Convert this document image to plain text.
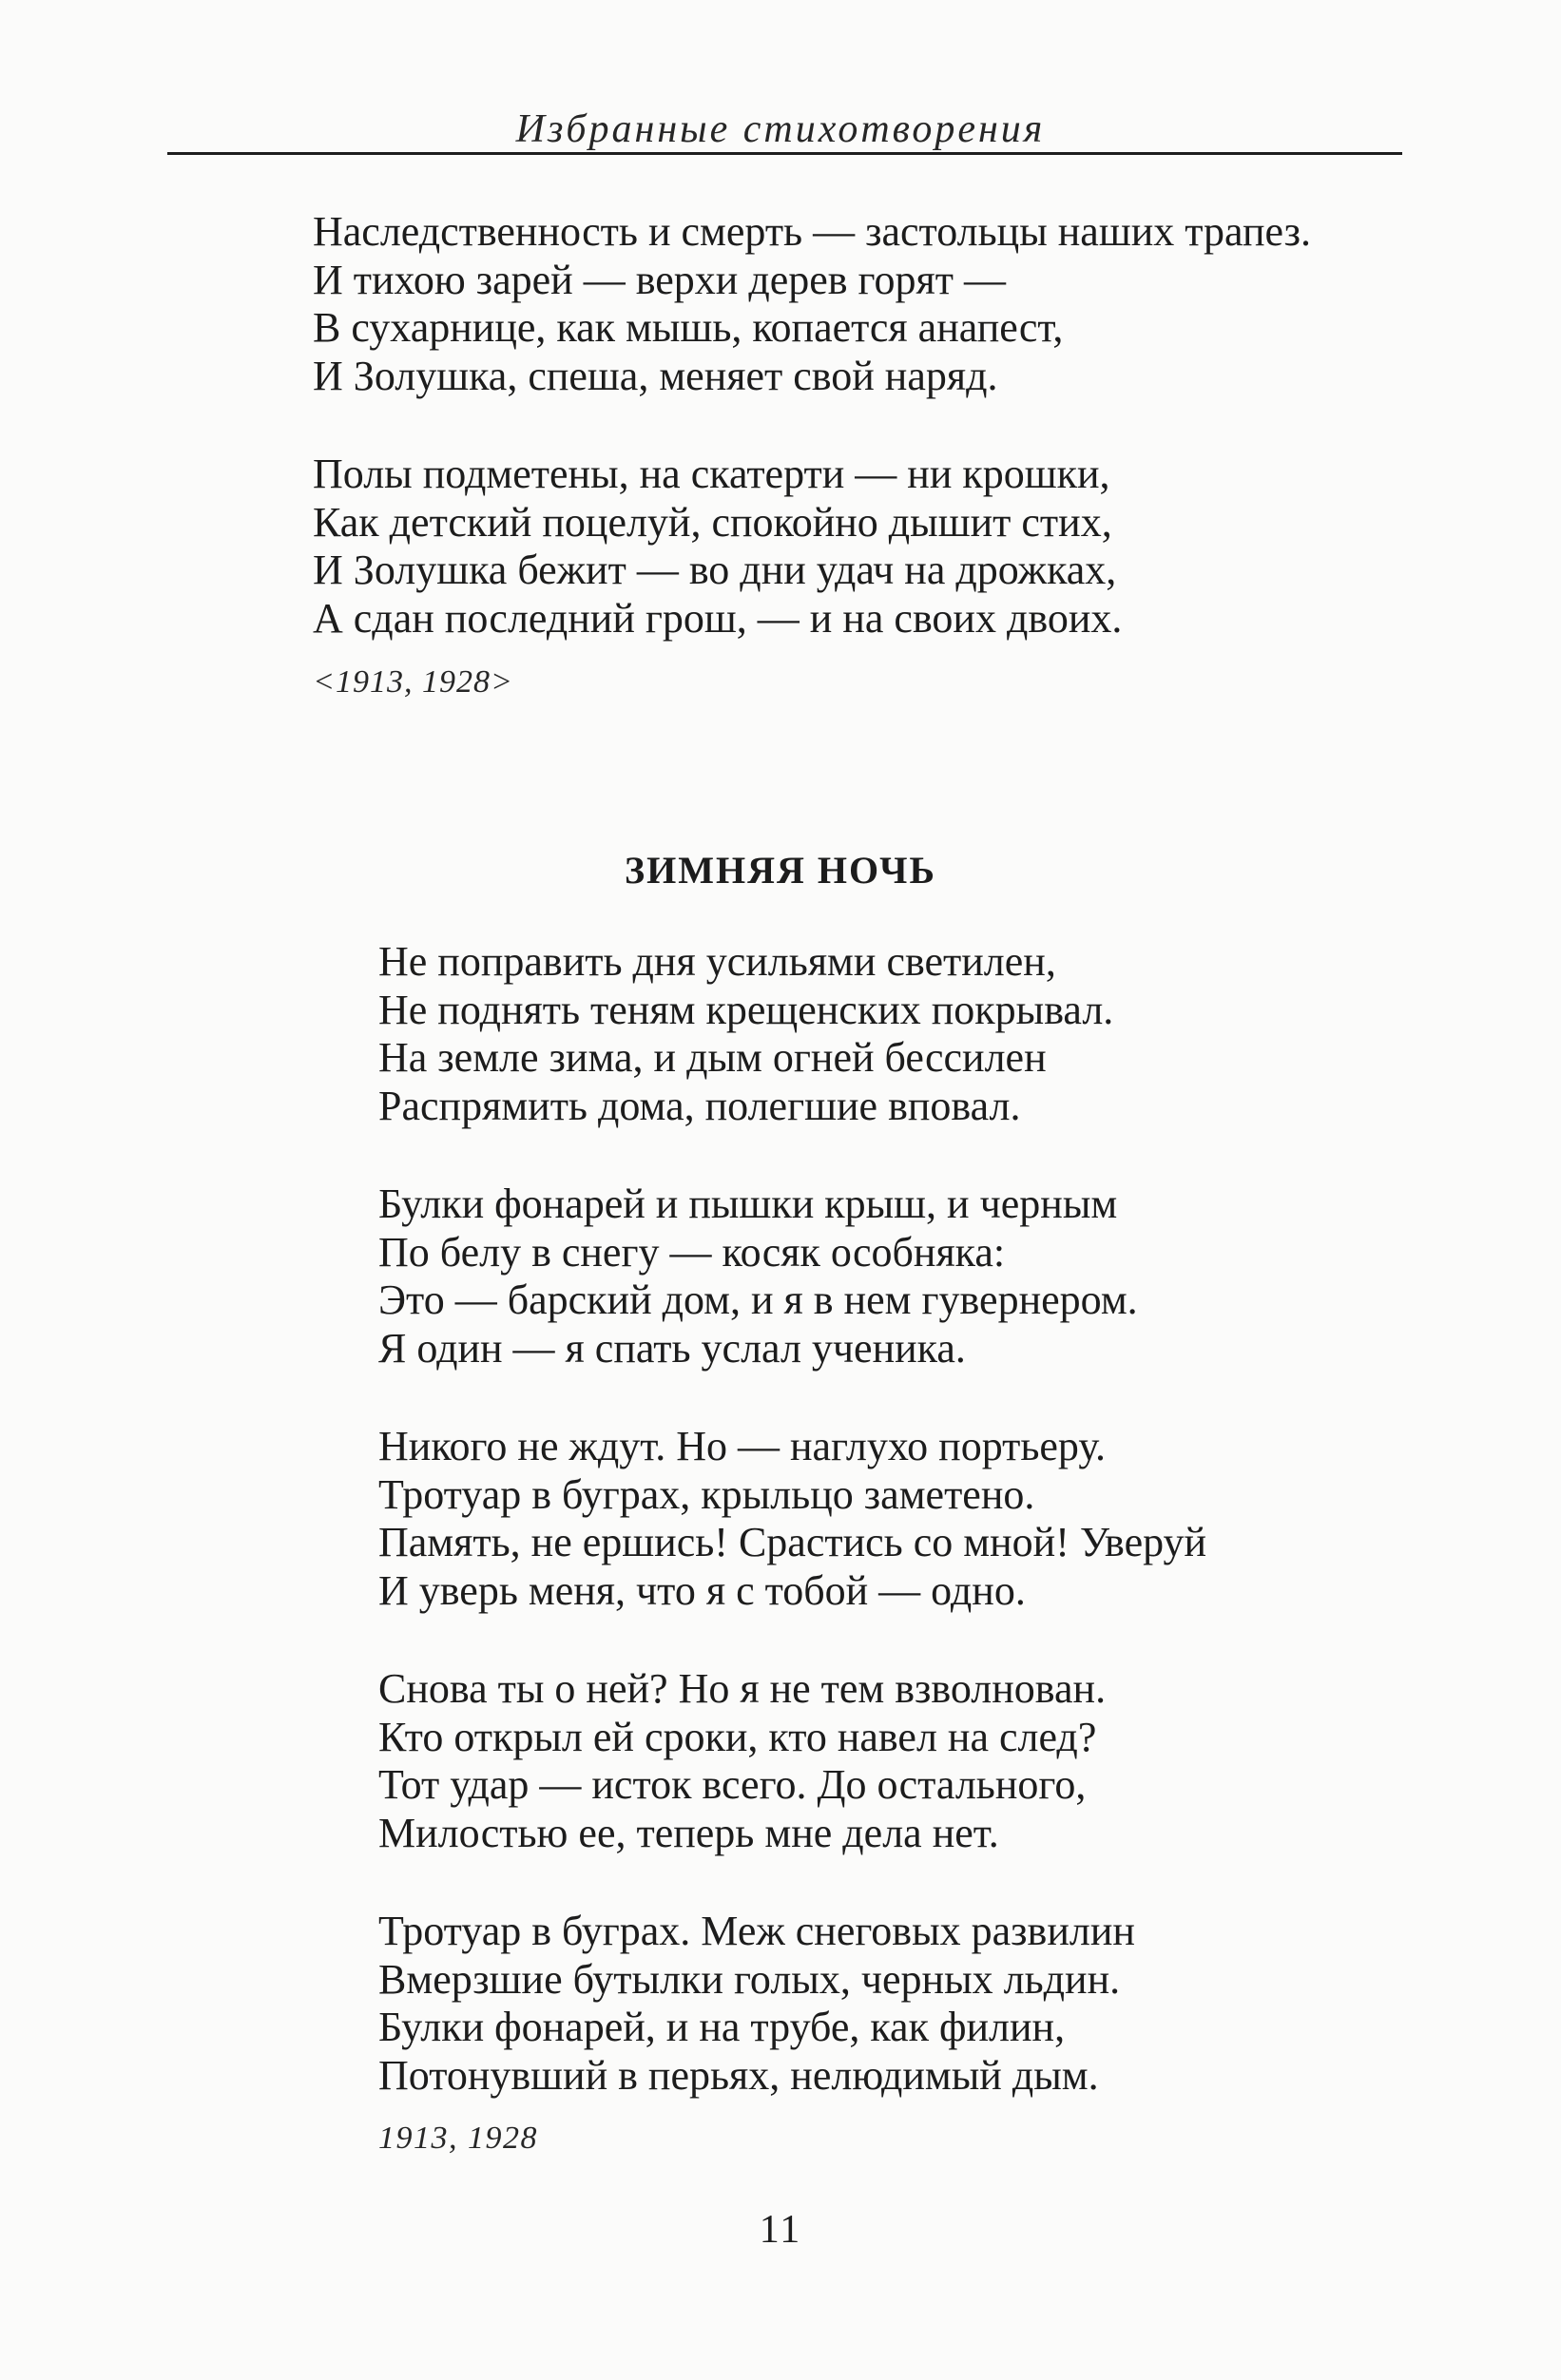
Избранные стихотворения
Наследственность и смерть — застольцы наших трапез.
И тихою зарей — верхи дерев горят —
В сухарнице, как мышь, копается анапест,
И Золушка, спеша, меняет свой наряд.
Полы подметены, на скатерти — ни крошки,
Как детский поцелуй, спокойно дышит стих,
И Золушка бежит — во дни удач на дрожках,
А сдан последний грош, — и на своих двоих.
<1913, 1928>
ЗИМНЯЯ НОЧЬ
Не поправить дня усильями светилен,
Не поднять теням крещенских покрывал.
На земле зима, и дым огней бессилен
Распрямить дома, полегшие вповал.
Булки фонарей и пышки крыш, и черным
По белу в снегу — косяк особняка:
Это — барский дом, и я в нем гувернером.
Я один — я спать услал ученика.
Никого не ждут. Но — наглухо портьеру.
Тротуар в буграх, крыльцо заметено.
Память, не ершись! Срастись со мной! Уверуй
И уверь меня, что я с тобой — одно.
Снова ты о ней? Но я не тем взволнован.
Кто открыл ей сроки, кто навел на след?
Тот удар — исток всего. До остального,
Милостью ее, теперь мне дела нет.
Тротуар в буграх. Меж снеговых развилин
Вмерзшие бутылки голых, черных льдин.
Булки фонарей, и на трубе, как филин,
Потонувший в перьях, нелюдимый дым.
1913, 1928
11
